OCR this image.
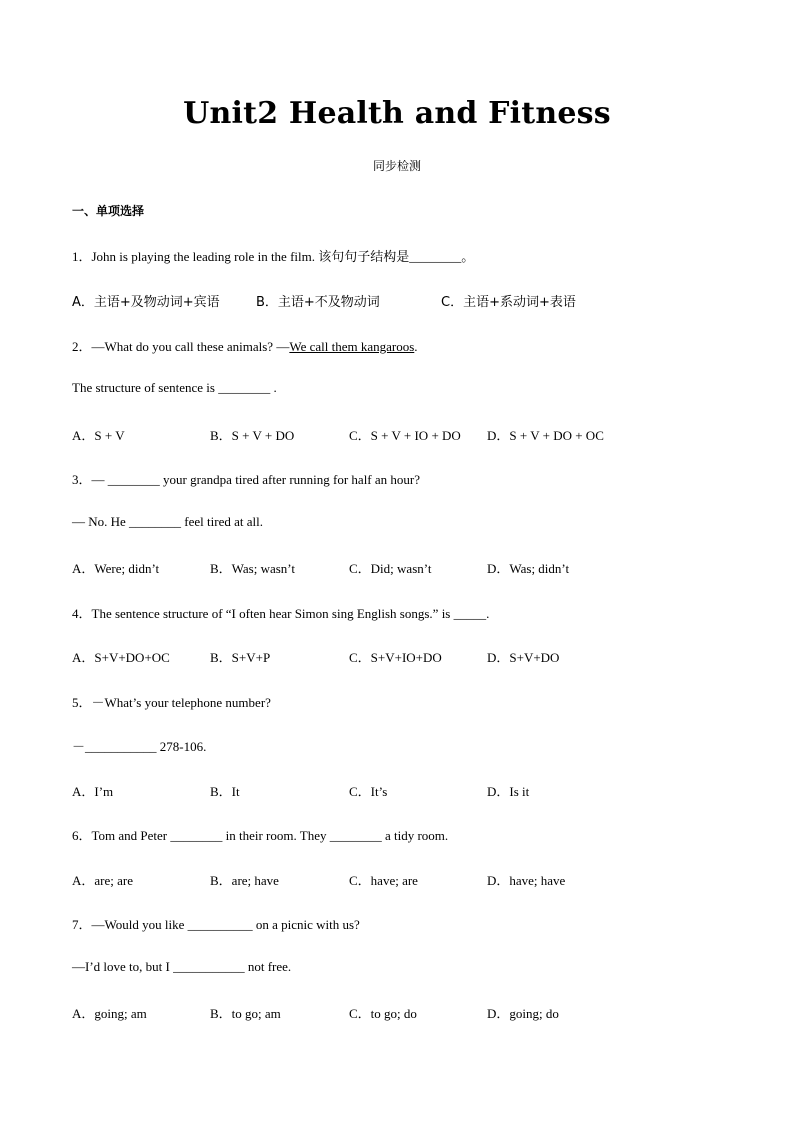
Unit2 Health and Fitness
同步检测
一、单项选择
1．John is playing the leading role in the film. 该句句子结构是________。
A．主语+及物动词+宾语	B．主语+不及物动词	C．主语+系动词+表语
2．—What do you call these animals? —We call them kangaroos.
The structure of sentence is ________ .
A．S + V	B．S + V + DO	C．S + V + IO + DO D．S + V + DO + OC
3．— ________ your grandpa tired after running for half an hour?
— No. He ________ feel tired at all.
A．Were; didn’t	B．Was; wasn’t	C．Did; wasn’t	D．Was; didn’t
4．The sentence structure of “I often hear Simon sing English songs.” is _____.
A．S+V+DO+OC	B．S+V+P	C．S+V+IO+DO	D．S+V+DO
5．－What’s your telephone number?
－___________ 278-106.
A．I’m	B．It	C．It’s	D．Is it
6．Tom and Peter ________ in their room. They ________ a tidy room.
A．are; are	B．are; have	C．have; are	D．have; have
7．—Would you like __________ on a picnic with us?
—I’d love to, but I ___________ not free.
A．going; am	B．to go; am	C．to go; do	D．going; do
